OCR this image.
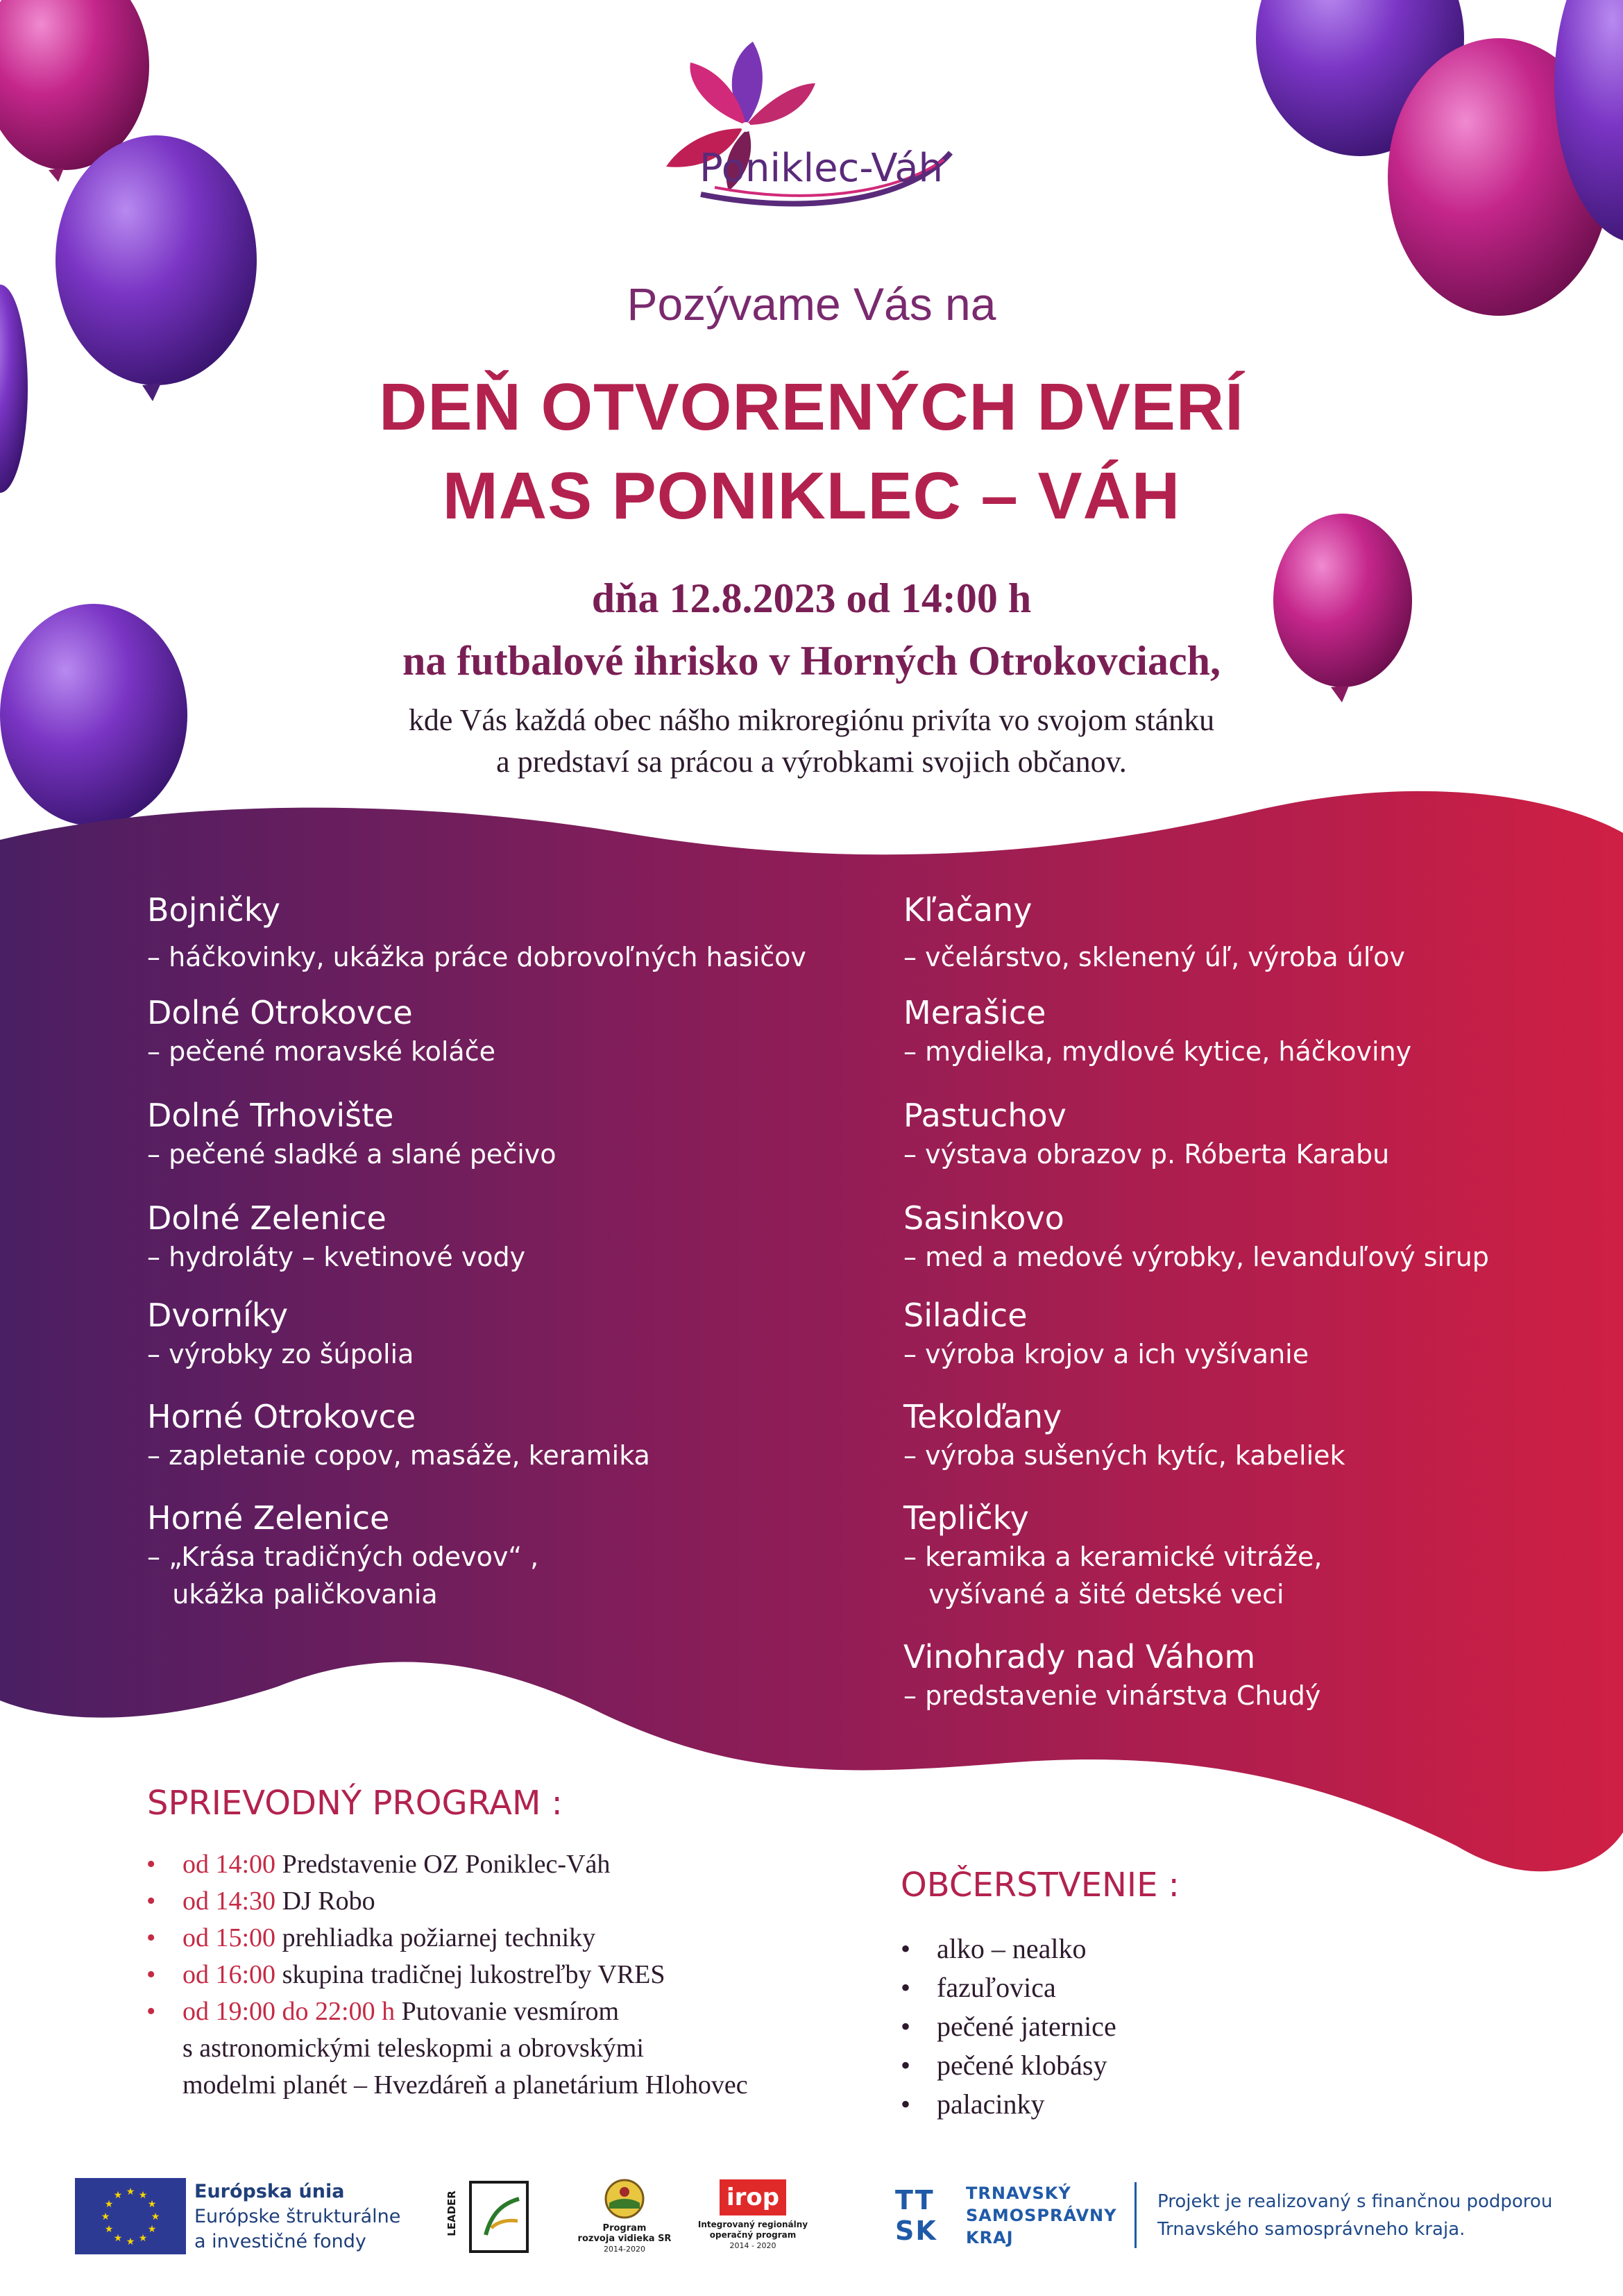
Poniklec-Váh
Pozývame Vás na
DEŇ OTVORENÝCH DVERÍ
MAS PONIKLEC – VÁH
dňa 12.8.2023 od 14:00 h
na futbalové ihrisko v Horných Otrokovciach,
kde Vás každá obec nášho mikroregiónu privíta vo svojom stánku
a predstaví sa prácou a výrobkami svojich občanov.
Bojničky
– háčkovinky, ukážka práce dobrovoľných hasičov
Dolné Otrokovce
– pečené moravské koláče
Dolné Trhovište
– pečené sladké a slané pečivo
Dolné Zelenice
– hydroláty – kvetinové vody
Dvorníky
– výrobky zo šúpolia
Horné Otrokovce
– zapletanie copov, masáže, keramika
Horné Zelenice
– „Krása tradičných odevov“ ,
ukážka paličkovania
Kľačany
– včelárstvo, sklenený úľ, výroba úľov
Merašice
– mydielka, mydlové kytice, háčkoviny
Pastuchov
– výstava obrazov p. Róberta Karabu
Sasinkovo
– med a medové výrobky, levanduľový sirup
Siladice
– výroba krojov a ich vyšívanie
Tekolďany
– výroba sušených kytíc, kabeliek
Tepličky
– keramika a keramické vitráže,
vyšívané a šité detské veci
Vinohrady nad Váhom
– predstavenie vinárstva Chudý
SPRIEVODNÝ PROGRAM :
• od 14:00 Predstavenie OZ Poniklec-Váh
• od 14:30 DJ Robo
• od 15:00 prehliadka požiarnej techniky
• od 16:00 skupina tradičnej lukostreľby VRES
• od 19:00 do 22:00 h Putovanie vesmírom
s astronomickými teleskopmi a obrovskými
modelmi planét – Hvezdáreň a planetárium Hlohovec
OBČERSTVENIE :
• alko – nealko
• fazuľovica
• pečené jaternice
• pečené klobásy
• palacinky
★ ★
★
★
★
★
★
★
★
★
★
★	Európska únia
Európske štrukturálne
a investičné fondy
LEADER	Program
rozvoja vidieka SR
2014-2020
irop
Integrovaný regionálny
operačný program
2014 - 2020
TT
SK
TRNAVSKÝ
SAMOSPRÁVNY
KRAJ
Projekt je realizovaný s finančnou podporou
Trnavského samosprávneho kraja.
